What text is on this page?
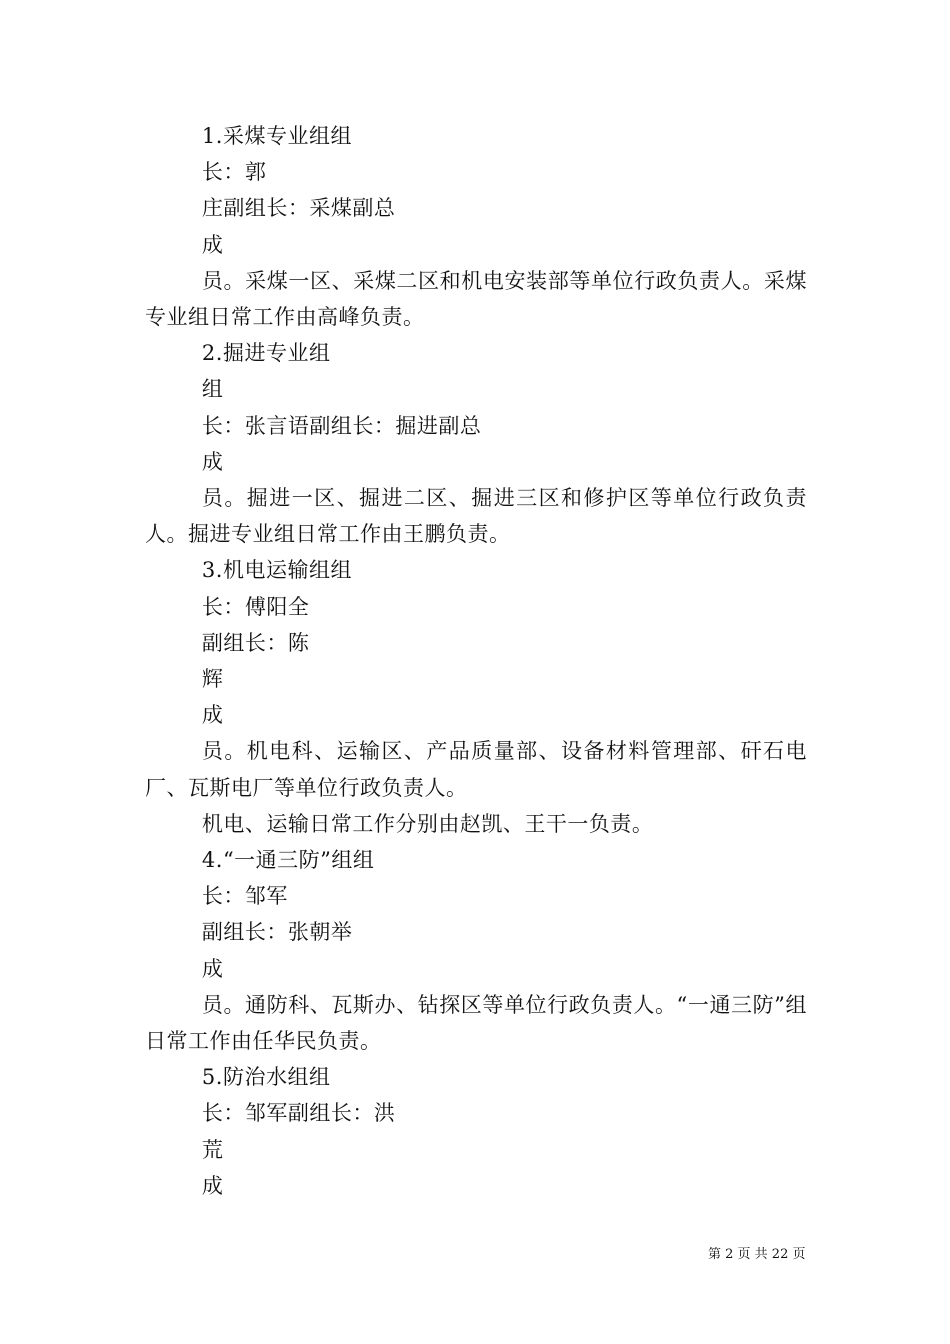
1.采煤专业组组

长：郭

庄副组长：采煤副总

成

员。采煤一区、采煤二区和机电安装部等单位行政负责人。采煤专业组日常工作由高峰负责。

2.掘进专业组

组

长：张言语副组长：掘进副总

成

员。掘进一区、掘进二区、掘进三区和修护区等单位行政负责人。掘进专业组日常工作由王鹏负责。

3.机电运输组组

长：傅阳全

副组长：陈

辉

成

员。机电科、运输区、产品质量部、设备材料管理部、矸石电厂、瓦斯电厂等单位行政负责人。

机电、运输日常工作分别由赵凯、王干一负责。

4.“一通三防”组组

长：邹军

副组长：张朝举

成

员。通防科、瓦斯办、钻探区等单位行政负责人。“一通三防”组日常工作由任华民负责。

5.防治水组组

长：邹军副组长：洪

荒

成

第 2 页 共 22 页
